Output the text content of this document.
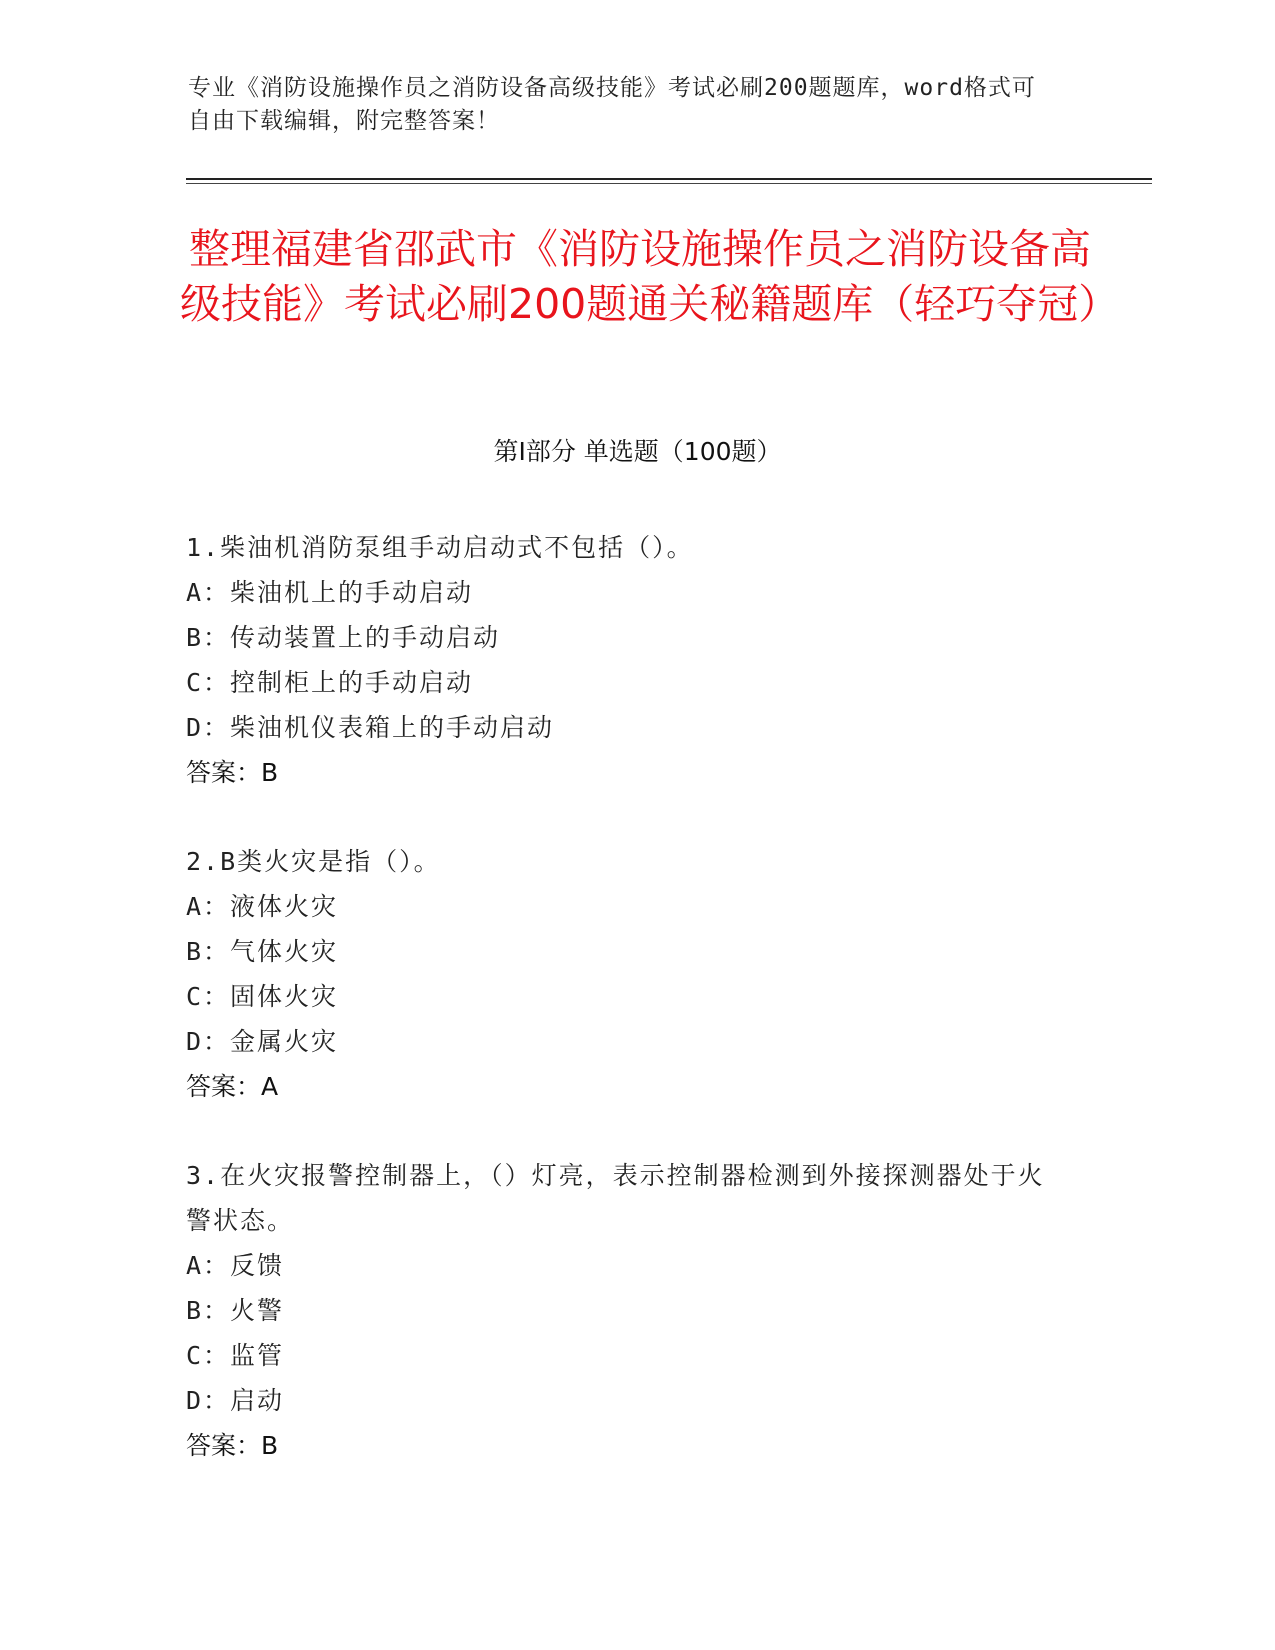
专业《消防设施操作员之消防设备高级技能》考试必刷200题题库，word格式可自由下载编辑，附完整答案！
整理福建省邵武市《消防设施操作员之消防设备高级技能》考试必刷200题通关秘籍题库（轻巧夺冠）
第Ⅰ部分 单选题（100题）
1.柴油机消防泵组手动启动式不包括（）。
A：柴油机上的手动启动
B：传动装置上的手动启动
C：控制柜上的手动启动
D：柴油机仪表箱上的手动启动
答案：B
2.B类火灾是指（）。
A：液体火灾
B：气体火灾
C：固体火灾
D：金属火灾
答案：A
3.在火灾报警控制器上，（）灯亮，表示控制器检测到外接探测器处于火警状态。
A：反馈
B：火警
C：监管
D：启动
答案：B
